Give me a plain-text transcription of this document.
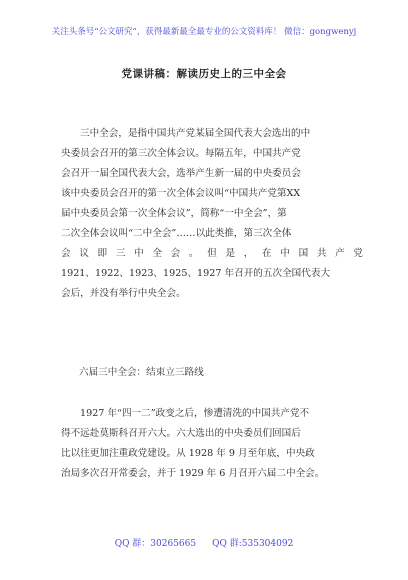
关注头条号“公文研究”，获得最新最全最专业的公文资料库！ 微信：gongwenyj
党课讲稿：解读历史上的三中全会
三中全会，是指中国共产党某届全国代表大会选出的中
央委员会召开的第三次全体会议。每隔五年，中国共产党
会召开一届全国代表大会，选举产生新一届的中央委员会
该中央委员会召开的第一次全体会议叫“中国共产党第XX
届中央委员会第一次全体会议”，简称“一中全会”，第
二次全体会议叫“二中全会”……以此类推，第三次全体
会 议 即 三 中 全 会 。 但 是 ， 在 中 国 共 产 党
1921、1922、1923、1925、1927 年召开的五次全国代表大
会后，并没有举行中央全会。
六届三中全会：结束立三路线
1927 年“四一二”政变之后，惨遭清洗的中国共产党不
得不远赴莫斯科召开六大。六大选出的中央委员们回国后
比以往更加注重政党建设。从 1928 年 9 月至年底，中央政
治局多次召开常委会，并于 1929 年 6 月召开六届二中全会。
QQ 群：30265665 QQ 群:535304092
